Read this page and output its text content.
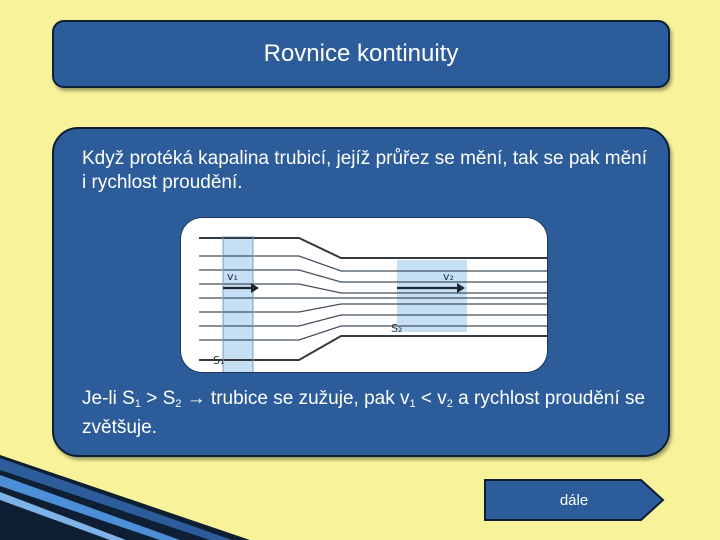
Rovnice kontinuity
Když protéká kapalina trubicí, jejíž průřez se mění, tak se pak mění i rychlost proudění.
v₁	v₂
S₁
S₂
Je-li $S_1 > S_2$ → trubice se zužuje, pak $v_1 < v_2$ a rychlost proudění se zvětšuje.
dále
